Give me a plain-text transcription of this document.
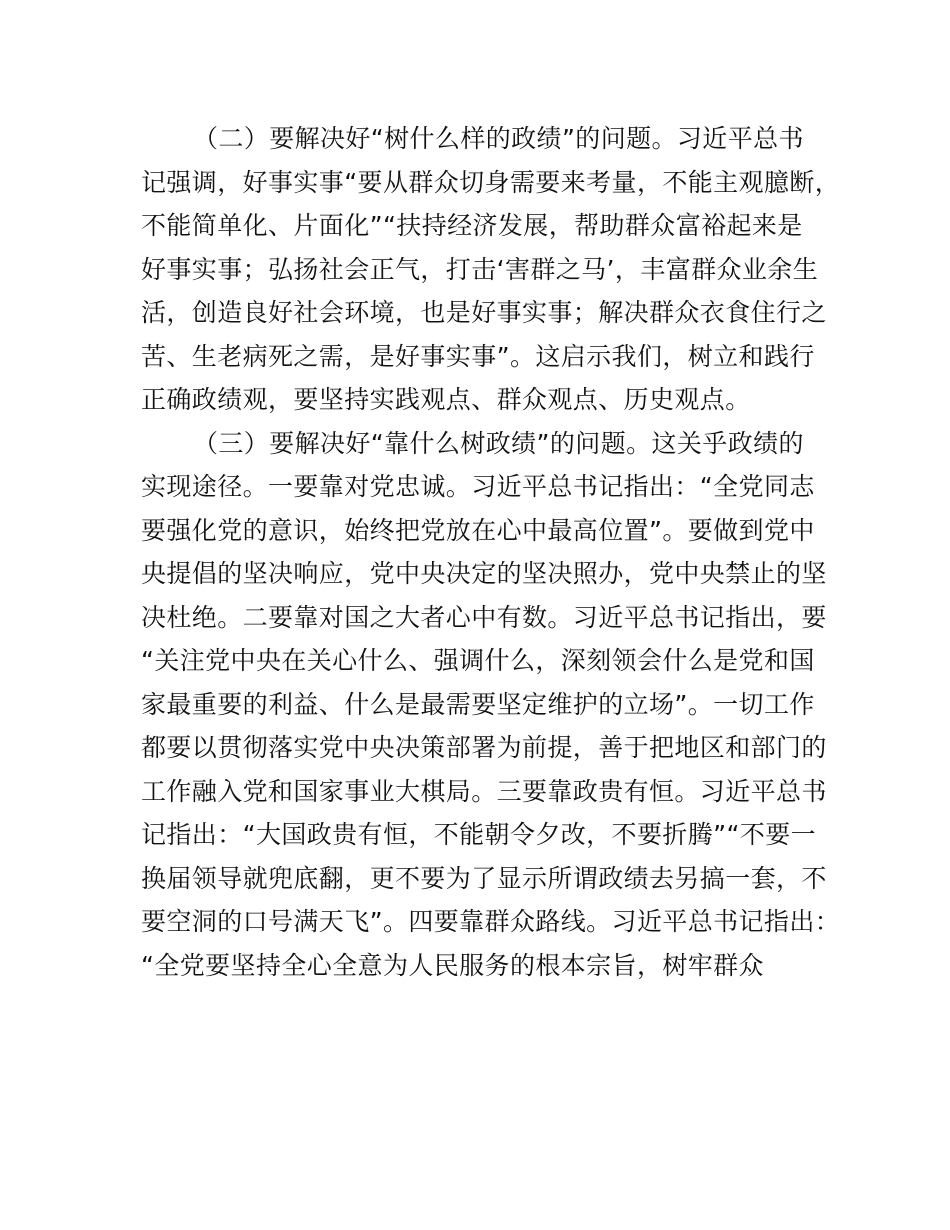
（二）要解决好“树什么样的政绩”的问题。习近平总书
记强调，好事实事“要从群众切身需要来考量，不能主观臆断，
不能简单化、片面化”“扶持经济发展，帮助群众富裕起来是
好事实事；弘扬社会正气，打击‘害群之马’，丰富群众业余生
活，创造良好社会环境，也是好事实事；解决群众衣食住行之
苦、生老病死之需，是好事实事”。这启示我们，树立和践行
正确政绩观，要坚持实践观点、群众观点、历史观点。
（三）要解决好“靠什么树政绩”的问题。这关乎政绩的
实现途径。一要靠对党忠诚。习近平总书记指出：“全党同志
要强化党的意识，始终把党放在心中最高位置”。要做到党中
央提倡的坚决响应，党中央决定的坚决照办，党中央禁止的坚
决杜绝。二要靠对国之大者心中有数。习近平总书记指出，要
“关注党中央在关心什么、强调什么，深刻领会什么是党和国
家最重要的利益、什么是最需要坚定维护的立场”。一切工作
都要以贯彻落实党中央决策部署为前提，善于把地区和部门的
工作融入党和国家事业大棋局。三要靠政贵有恒。习近平总书
记指出：“大国政贵有恒，不能朝令夕改，不要折腾”“不要一
换届领导就兜底翻，更不要为了显示所谓政绩去另搞一套，不
要空洞的口号满天飞”。四要靠群众路线。习近平总书记指出：
“全党要坚持全心全意为人民服务的根本宗旨，树牢群众
